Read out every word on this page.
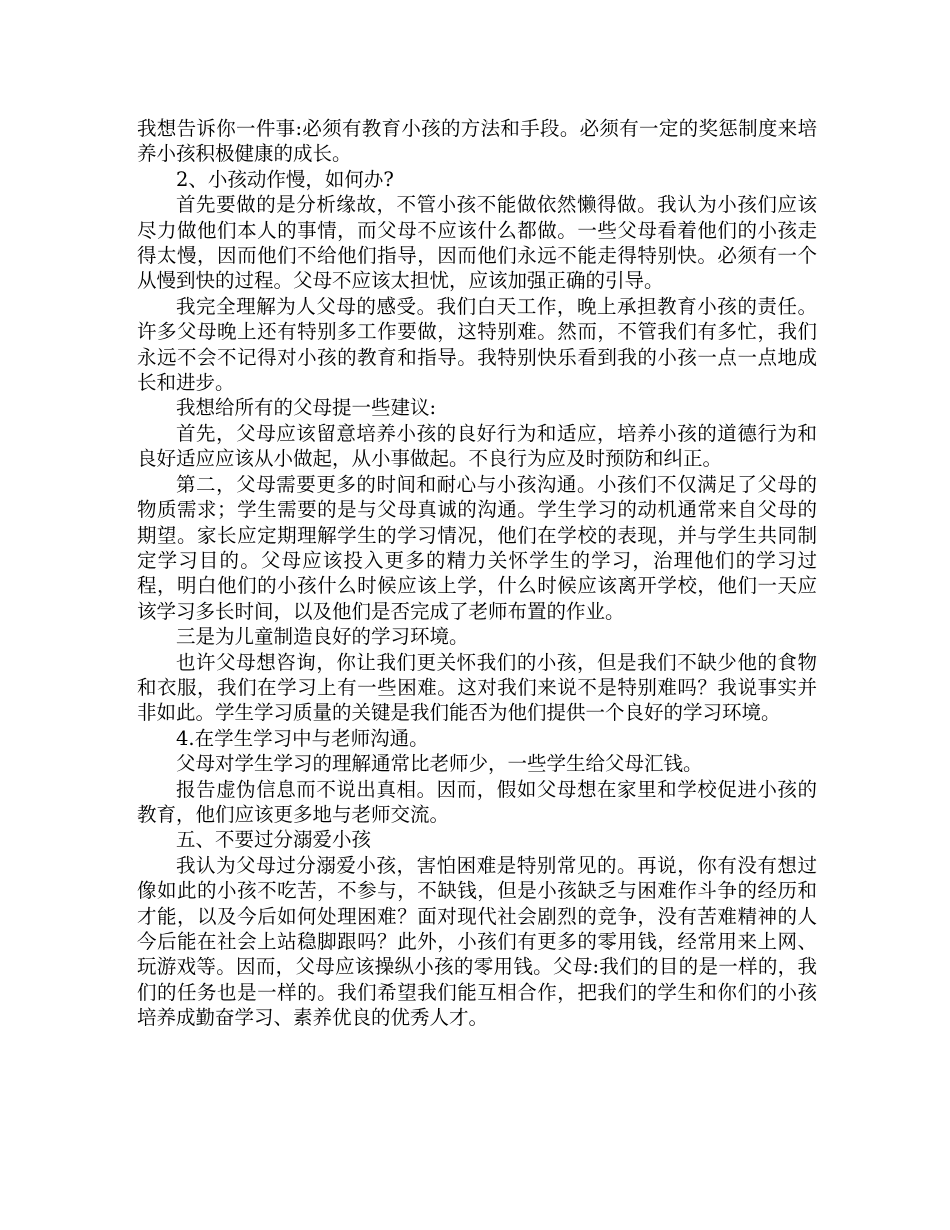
我想告诉你一件事:必须有教育小孩的方法和手段。必须有一定的奖惩制度来培养小孩积极健康的成长。

2、小孩动作慢，如何办?

首先要做的是分析缘故，不管小孩不能做依然懒得做。我认为小孩们应该尽力做他们本人的事情，而父母不应该什么都做。一些父母看着他们的小孩走得太慢，因而他们不给他们指导，因而他们永远不能走得特别快。必须有一个从慢到快的过程。父母不应该太担忧，应该加强正确的引导。

我完全理解为人父母的感受。我们白天工作，晚上承担教育小孩的责任。许多父母晚上还有特别多工作要做，这特别难。然而，不管我们有多忙，我们永远不会不记得对小孩的教育和指导。我特别快乐看到我的小孩一点一点地成长和进步。

我想给所有的父母提一些建议:

首先，父母应该留意培养小孩的良好行为和适应，培养小孩的道德行为和良好适应应该从小做起，从小事做起。不良行为应及时预防和纠正。

第二，父母需要更多的时间和耐心与小孩沟通。小孩们不仅满足了父母的物质需求；学生需要的是与父母真诚的沟通。学生学习的动机通常来自父母的期望。家长应定期理解学生的学习情况，他们在学校的表现，并与学生共同制定学习目的。父母应该投入更多的精力关怀学生的学习，治理他们的学习过程，明白他们的小孩什么时候应该上学，什么时候应该离开学校，他们一天应该学习多长时间，以及他们是否完成了老师布置的作业。

三是为儿童制造良好的学习环境。

也许父母想咨询，你让我们更关怀我们的小孩，但是我们不缺少他的食物和衣服，我们在学习上有一些困难。这对我们来说不是特别难吗？我说事实并非如此。学生学习质量的关键是我们能否为他们提供一个良好的学习环境。

4.在学生学习中与老师沟通。

父母对学生学习的理解通常比老师少，一些学生给父母汇钱。

报告虚伪信息而不说出真相。因而，假如父母想在家里和学校促进小孩的教育，他们应该更多地与老师交流。

五、不要过分溺爱小孩

我认为父母过分溺爱小孩，害怕困难是特别常见的。再说，你有没有想过像如此的小孩不吃苦，不参与，不缺钱，但是小孩缺乏与困难作斗争的经历和才能，以及今后如何处理困难？面对现代社会剧烈的竞争，没有苦难精神的人今后能在社会上站稳脚跟吗？此外，小孩们有更多的零用钱，经常用来上网、玩游戏等。因而，父母应该操纵小孩的零用钱。父母:我们的目的是一样的，我们的任务也是一样的。我们希望我们能互相合作，把我们的学生和你们的小孩培养成勤奋学习、素养优良的优秀人才。
